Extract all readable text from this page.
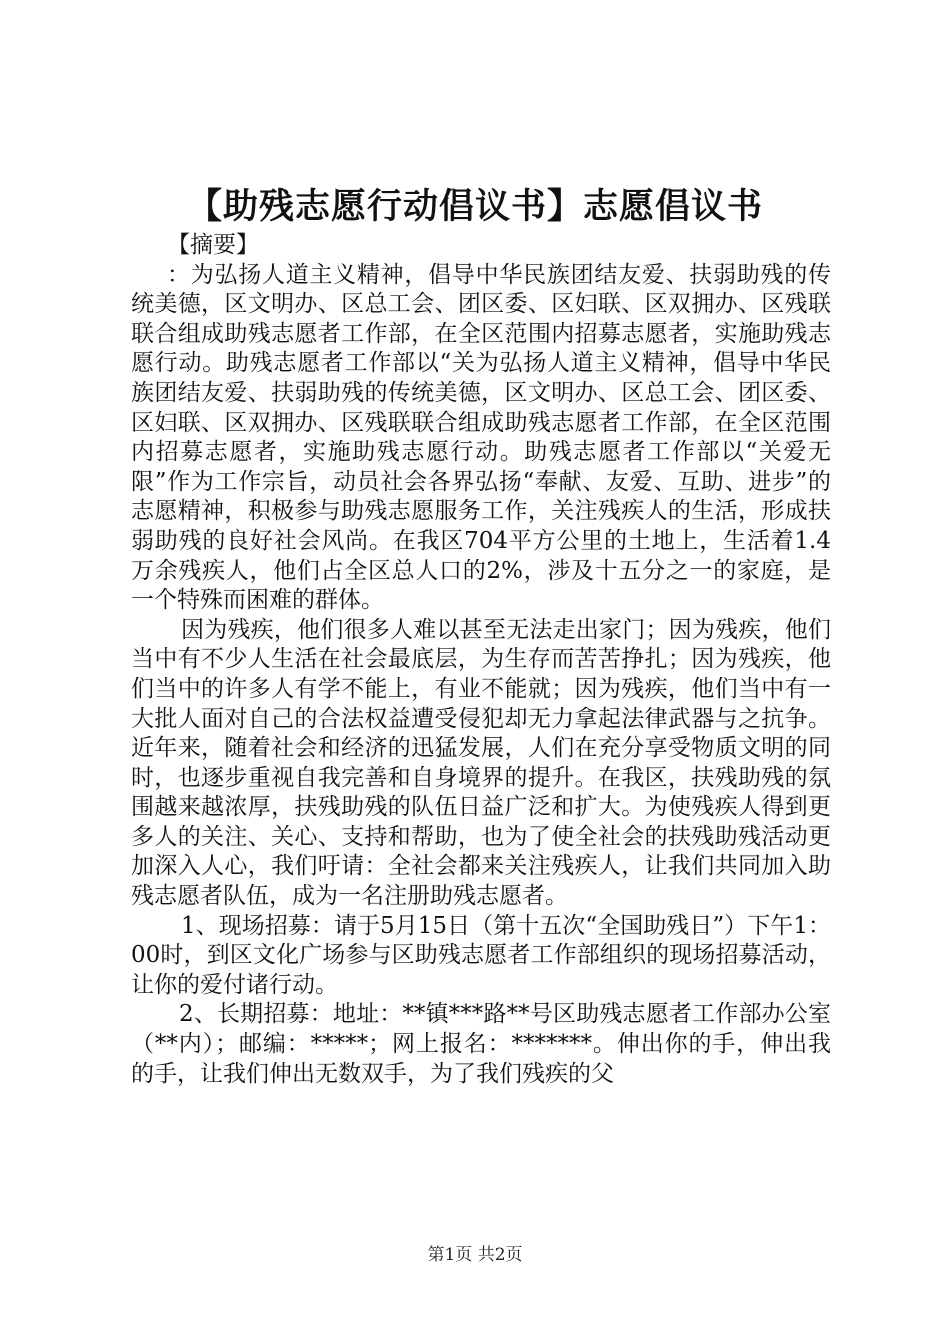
【助残志愿行动倡议书】志愿倡议书

【摘要】

：为弘扬人道主义精神，倡导中华民族团结友爱、扶弱助残的传统美德，区文明办、区总工会、团区委、区妇联、区双拥办、区残联联合组成助残志愿者工作部，在全区范围内招募志愿者，实施助残志愿行动。助残志愿者工作部以“关为弘扬人道主义精神，倡导中华民族团结友爱、扶弱助残的传统美德，区文明办、区总工会、团区委、区妇联、区双拥办、区残联联合组成助残志愿者工作部，在全区范围内招募志愿者，实施助残志愿行动。助残志愿者工作部以“关爱无限”作为工作宗旨，动员社会各界弘扬“奉献、友爱、互助、进步”的志愿精神，积极参与助残志愿服务工作，关注残疾人的生活，形成扶弱助残的良好社会风尚。在我区704平方公里的土地上，生活着1.4万余残疾人，他们占全区总人口的2%，涉及十五分之一的家庭，是一个特殊而困难的群体。

因为残疾，他们很多人难以甚至无法走出家门；因为残疾，他们当中有不少人生活在社会最底层，为生存而苦苦挣扎；因为残疾，他们当中的许多人有学不能上，有业不能就；因为残疾，他们当中有一大批人面对自己的合法权益遭受侵犯却无力拿起法律武器与之抗争。近年来，随着社会和经济的迅猛发展，人们在充分享受物质文明的同时，也逐步重视自我完善和自身境界的提升。在我区，扶残助残的氛围越来越浓厚，扶残助残的队伍日益广泛和扩大。为使残疾人得到更多人的关注、关心、支持和帮助，也为了使全社会的扶残助残活动更加深入人心，我们吁请：全社会都来关注残疾人，让我们共同加入助残志愿者队伍，成为一名注册助残志愿者。

1、现场招募：请于5月15日（第十五次“全国助残日”）下午1：00时，到区文化广场参与区助残志愿者工作部组织的现场招募活动，让你的爱付诸行动。

2、长期招募：地址：**镇***路**号区助残志愿者工作部办公室（**内）；邮编：*****；网上报名：*******。伸出你的手，伸出我的手，让我们伸出无数双手，为了我们残疾的父

第1页 共2页
